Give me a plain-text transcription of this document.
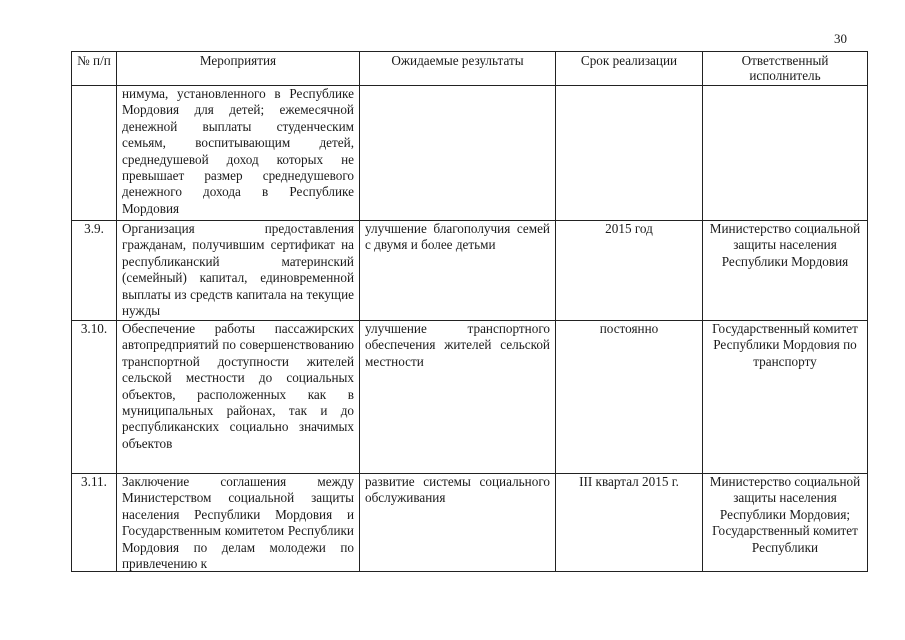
30
№ п/п	Мероприятия	Ожидаемые результаты	Срок реализации	Ответственный исполнитель
	нимума, установленного в Республике Мордовия для детей; ежемесячной денежной выплаты студенческим семьям, воспитывающим детей, среднедушевой доход которых не превышает размер среднедушевого денежного дохода в Республике Мордовия			
3.9.	Организация предоставления гражданам, получившим сертификат на республиканский материнский (семейный) капитал, единовременной выплаты из средств капитала на текущие нужды	улучшение благополучия семей с двумя и более детьми	2015 год	Министерство социальной защиты населения Республики Мордовия
3.10.	Обеспечение работы пассажирских автопредприятий по совершенствованию транспортной доступности жителей сельской местности до социальных объектов, расположенных как в муниципальных районах, так и до республиканских социально значимых объектов	улучшение транспортного обеспечения жителей сельской местности	постоянно	Государственный комитет Республики Мордовия по транспорту

3.11.	Заключение соглашения между Министерством социальной защиты населения Республики Мордовия и Государственным комитетом Республики Мордовия по делам молодежи по привлечению к	развитие системы социального обслуживания	III квартал 2015 г.	Министерство социальной защиты населения Республики Мордовия; Государственный комитет Республики
